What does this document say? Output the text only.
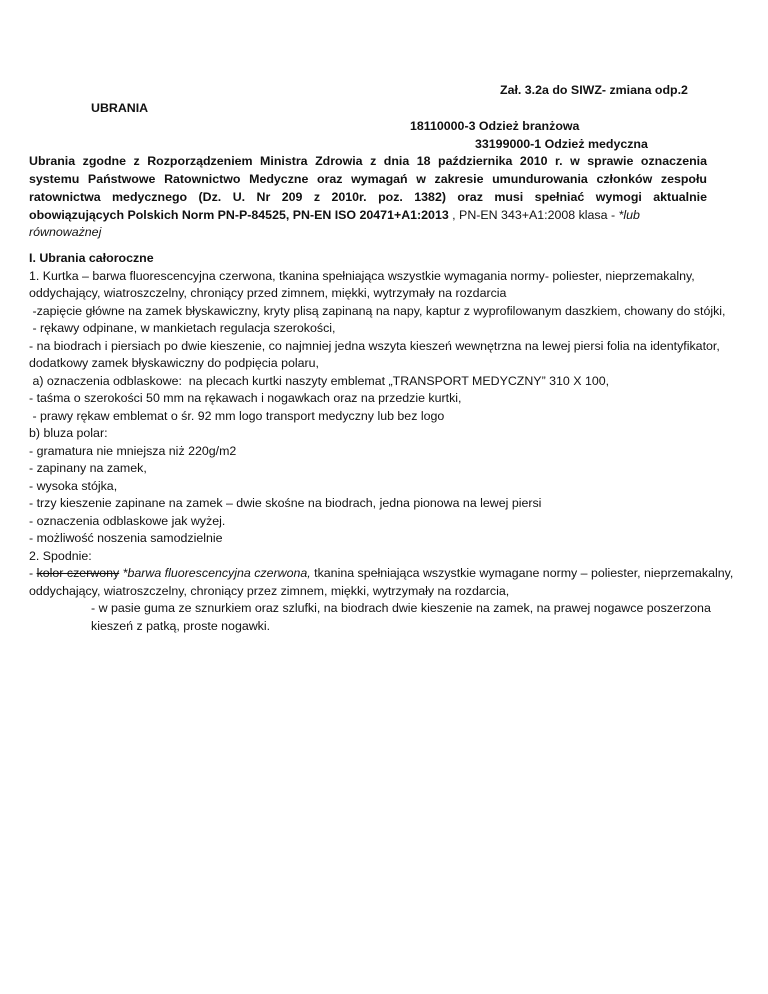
Zał. 3.2a do SIWZ- zmiana odp.2
UBRANIA
18110000-3 Odzież branżowa
33199000-1 Odzież medyczna
Ubrania zgodne z Rozporządzeniem Ministra Zdrowia z dnia 18 października 2010 r. w sprawie oznaczenia
systemu Państwowe Ratownictwo Medyczne oraz wymagań w zakresie umundurowania członków zespołu
ratownictwa medycznego (Dz. U. Nr 209 z 2010r. poz. 1382) oraz musi spełniać wymogi aktualnie
obowiązujących Polskich Norm PN-P-84525, PN-EN ISO 20471+A1:2013 , PN-EN 343+A1:2008 klasa - *lub
równoważnej
I. Ubrania całoroczne
1. Kurtka – barwa fluorescencyjna czerwona, tkanina spełniająca wszystkie wymagania normy- poliester, nieprzemakalny,
oddychający, wiatroszczelny, chroniący przed zimnem, miękki, wytrzymały na rozdarcia
-zapięcie główne na zamek błyskawiczny, kryty plisą zapinaną na napy, kaptur z wyprofilowanym daszkiem, chowany do stójki,
- rękawy odpinane, w mankietach regulacja szerokości,
- na biodrach i piersiach po dwie kieszenie, co najmniej jedna wszyta kieszeń wewnętrzna na lewej piersi folia na identyfikator,
dodatkowy zamek błyskawiczny do podpięcia polaru,
a) oznaczenia odblaskowe:  na plecach kurtki naszyty emblemat „TRANSPORT MEDYCZNY” 310 X 100,
- taśma o szerokości 50 mm na rękawach i nogawkach oraz na przedzie kurtki,
- prawy rękaw emblemat o śr. 92 mm logo transport medyczny lub bez logo
b) bluza polar:
- gramatura nie mniejsza niż 220g/m2
- zapinany na zamek,
- wysoka stójka,
- trzy kieszenie zapinane na zamek – dwie skośne na biodrach, jedna pionowa na lewej piersi
- oznaczenia odblaskowe jak wyżej.
- możliwość noszenia samodzielnie
2. Spodnie:
- kolor czerwony *barwa fluorescencyjna czerwona, tkanina spełniająca wszystkie wymagane normy – poliester, nieprzemakalny,
oddychający, wiatroszczelny, chroniący przez zimnem, miękki, wytrzymały na rozdarcia,
- w pasie guma ze sznurkiem oraz szlufki, na biodrach dwie kieszenie na zamek, na prawej nogawce poszerzona
kieszeń z patką, proste nogawki.
